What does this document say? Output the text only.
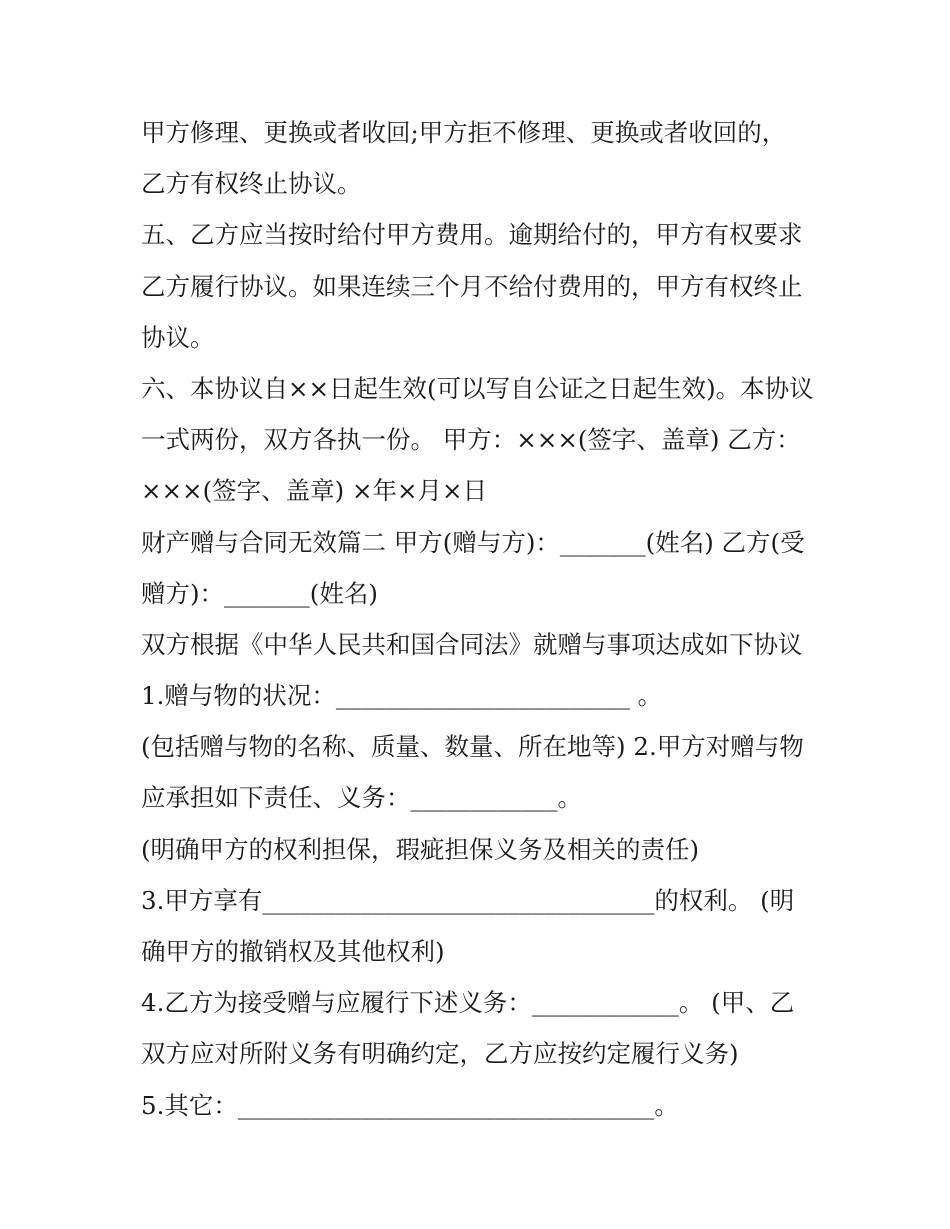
甲方修理、更换或者收回;甲方拒不修理、更换或者收回的，
乙方有权终止协议。
五、乙方应当按时给付甲方费用。逾期给付的，甲方有权要求
乙方履行协议。如果连续三个月不给付费用的，甲方有权终止
协议。
六、本协议自××日起生效(可以写自公证之日起生效)。本协议
一式两份，双方各执一份。 甲方：×××(签字、盖章) 乙方：
×××(签字、盖章) ×年×月×日
财产赠与合同无效篇二 甲方(赠与方)：_______(姓名) 乙方(受
赠方)：_______(姓名)
双方根据《中华人民共和国合同法》就赠与事项达成如下协议
1.赠与物的状况：________________________ 。
(包括赠与物的名称、质量、数量、所在地等) 2.甲方对赠与物
应承担如下责任、义务：____________。
(明确甲方的权利担保，瑕疵担保义务及相关的责任)
3.甲方享有________________________________的权利。 (明
确甲方的撤销权及其他权利)
4.乙方为接受赠与应履行下述义务：____________。 (甲、乙
双方应对所附义务有明确约定，乙方应按约定履行义务)
5.其它：__________________________________。
